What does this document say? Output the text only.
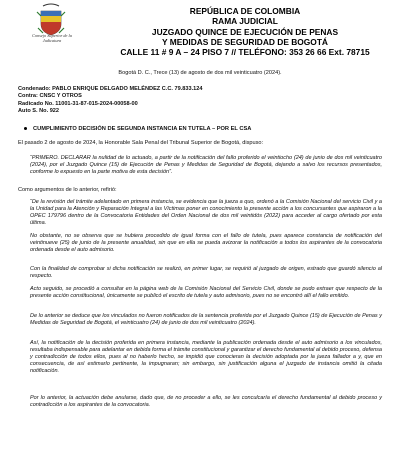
Consejo Superior de la Judicatura
REPÚBLICA DE COLOMBIA
RAMA JUDICIAL
JUZGADO QUINCE DE EJECUCIÓN DE PENAS
Y MEDIDAS DE SEGURIDAD DE BOGOTÁ
CALLE 11 # 9 A – 24 PISO 7 // TELÉFONO: 353 26 66 Ext. 78715
Bogotá D. C., Trece (13) de agosto de dos mil veinticuatro (2024).
Condenado: PABLO ENRIQUE DELGADO MELÉNDEZ C.C. 79.833.124
Contra: CNSC Y OTROS
Radicado No. 11001-31-87-015-2024-00058-00
Auto S. No. 922
CUMPLIMIENTO DECISIÓN DE SEGUNDA INSTANCIA EN TUTELA – POR EL CSA
El pasado 2 de agosto de 2024, la Honorable Sala Penal del Tribunal Superior de Bogotá, dispuso:
“PRIMERO. DECLARAR la nulidad de lo actuado, a partir de la notificación del fallo proferido el veintiocho (24) de junio de dos mil veinticuatro (2024), por el Juzgado Quince (15) de Ejecución de Penas y Medidas de Seguridad de Bogotá, dejando a salvo los recursos presentados, conforme lo expuesto en la parte motiva de esta decisión”.
Como argumentos de lo anterior, refirió:
“De la revisión del trámite adelantado en primera instancia, se evidencia que la jueza a quo, ordenó a la Comisión Nacional del servicio Civil y a la Unidad para la Atención y Reparación Integral a las Víctimas poner en conocimiento la presente acción a los concursantes que aspiraron a la OPEC 179796 dentro de la Convocatoria Entidades del Orden Nacional de dos mil veintidós (2022) para acceder al cargo ofertado por esta última.
No obstante, no se observa que se hubiera procedido de igual forma con el fallo de tutela, pues aparece constancia de notificación del veintinueve (25) de junio de la presente anualidad, sin que en ella se pueda avizorar la notificación a todos los aspirantes de la convocatoria ordenada desde el auto admisorio.
Con la finalidad de comprobar si dicha notificación se realizó, en primer lugar, se requirió al juzgado de origen, estrado que guardó silencio al respecto.
Acto seguido, se procedió a consultar en la página web de la Comisión Nacional del Servicio Civil, donde se pudo extraer que respecto de la presente acción constitucional, únicamente se publicó el escrito de tutela y auto admisorio, pues no se encontró allí el fallo emitido.
De lo anterior se deduce que los vinculados no fueron notificados de la sentencia proferida por el Juzgado Quince (15) de Ejecución de Penas y Medidas de Seguridad de Bogotá, el veinticuatro (24) de junio de dos mil veinticuatro (2024).
Así, la notificación de la decisión proferida en primera instancia, mediante la publicación ordenada desde el auto admisorio a los vinculados, resultaba indispensable para adelantar en debida forma el trámite constitucional y garantizar el derecho fundamental al debido proceso, defensa y contradicción de todos ellos, pues al no haberlo hecho, se impidió que conocieran la decisión adoptada por la jueza fallador a y, que en consecuencia, de así estimarlo pertinente, la impugnaran; sin embargo, sin justificación alguna el juzgado de instancia omitió la citada notificación.
Por lo anterior, la actuación debe anularse, dado que, de no proceder a ello, se les conculcaría el derecho fundamental al debido proceso y contradicción a los aspirantes de la convocatoria.
